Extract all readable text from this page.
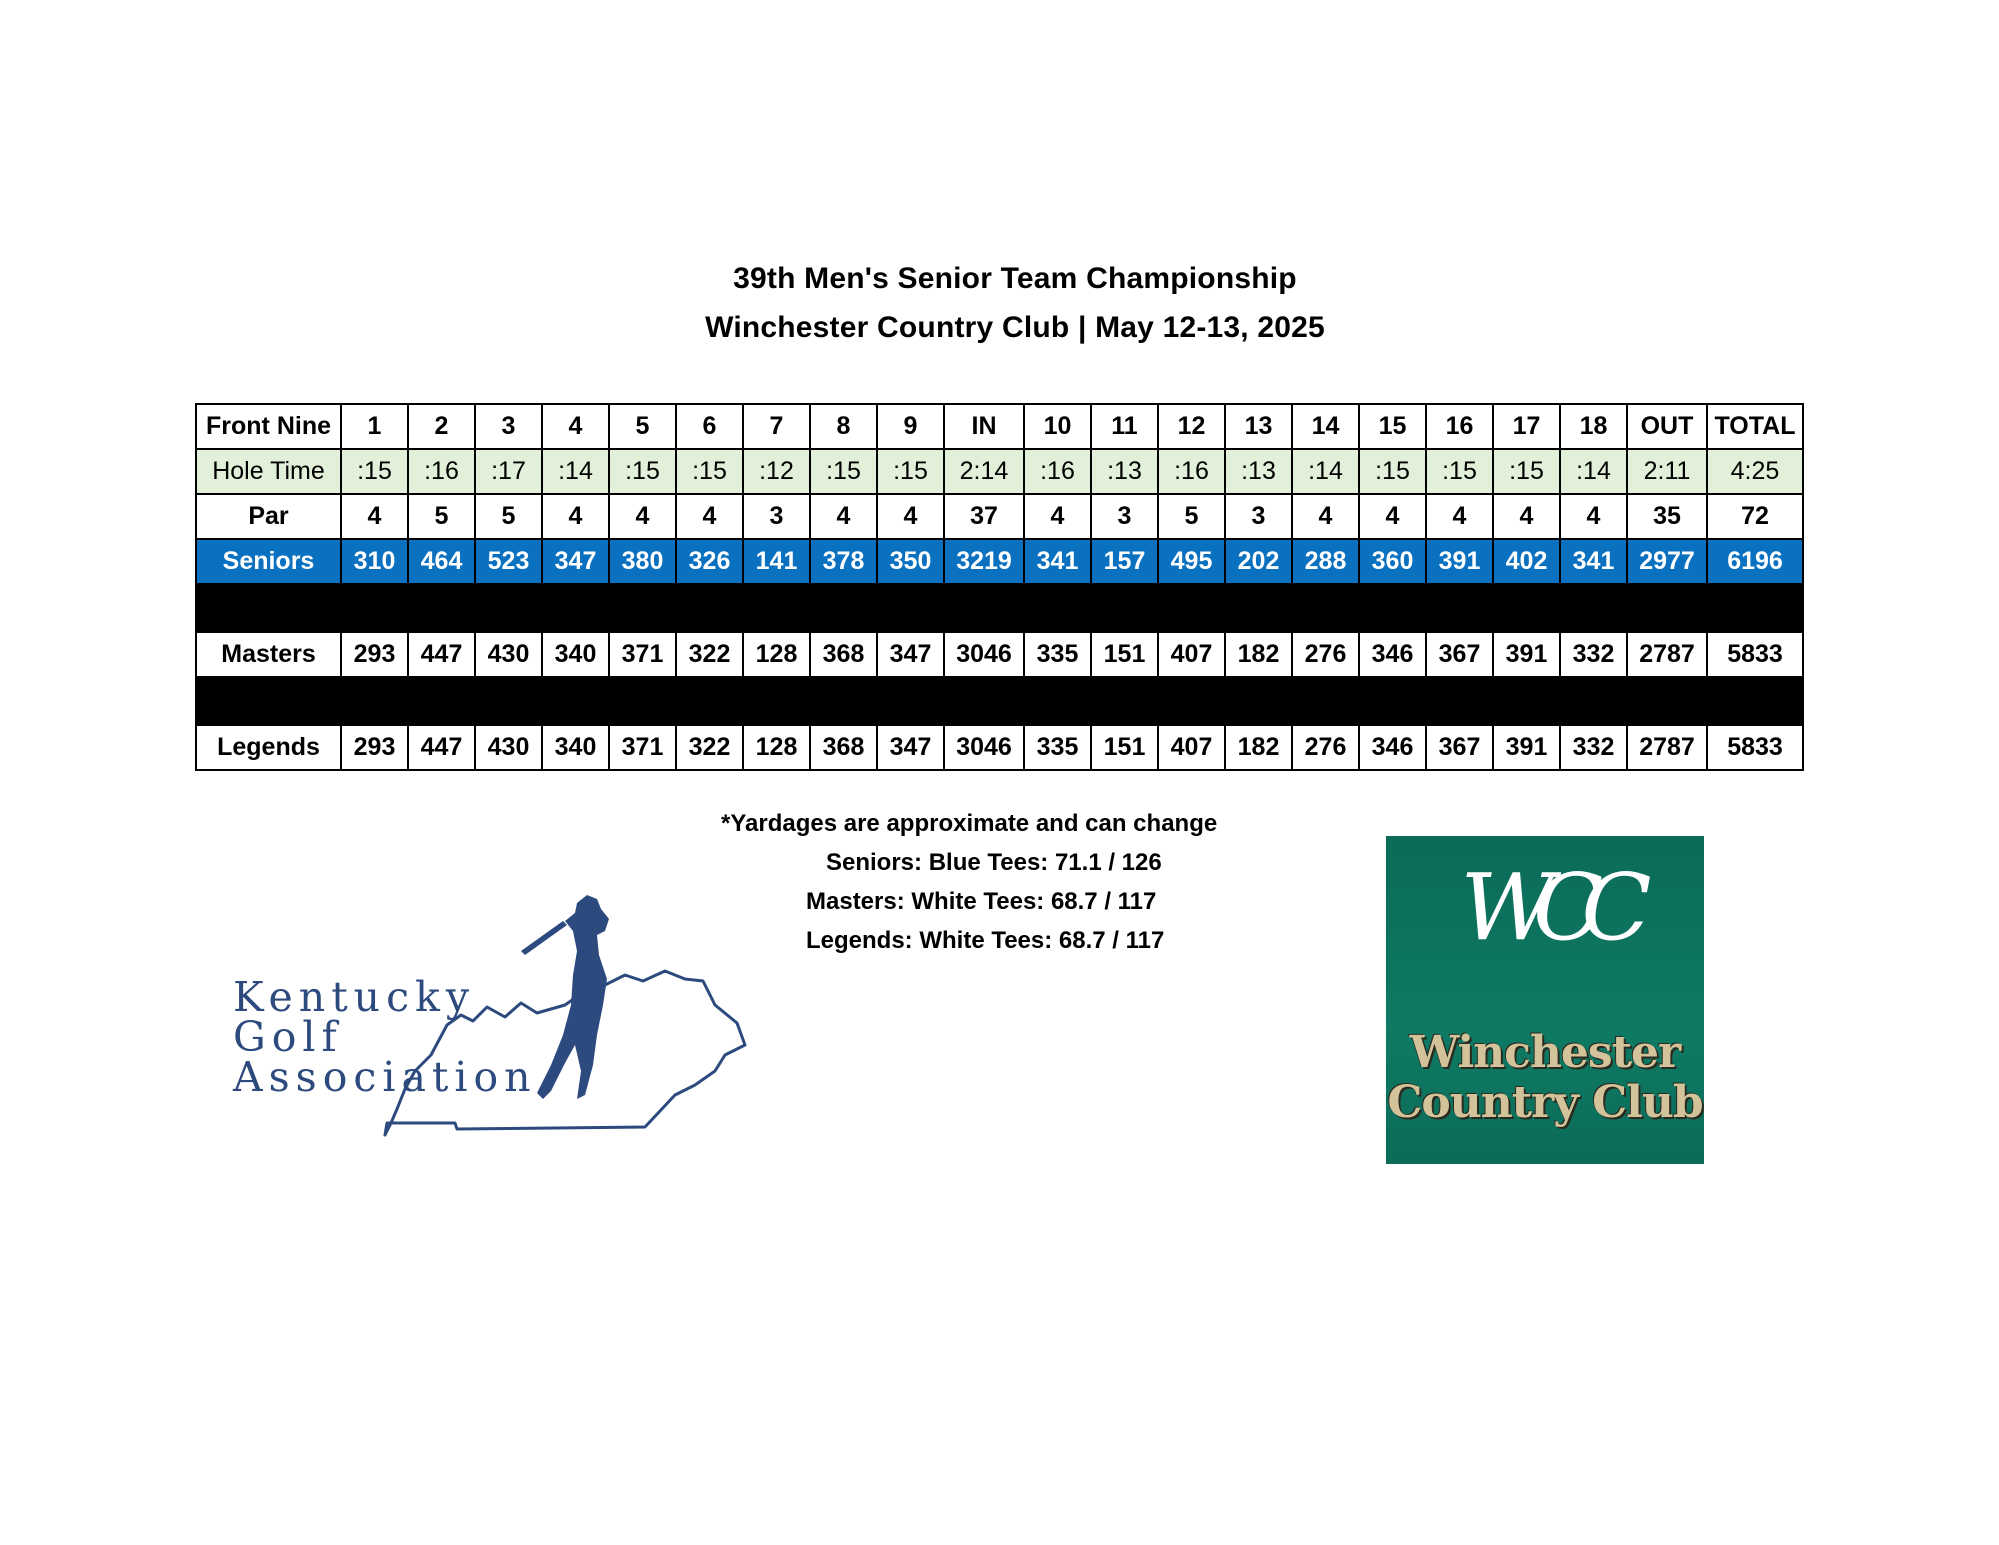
39th Men's Senior Team Championship
Winchester Country Club | May 12-13, 2025
Front Nine	1	2	3	4	5	6	7	8	9	IN	10	11	12	13	14	15	16	17	18	OUT	TOTAL
Hole Time	:15	:16	:17	:14	:15	:15	:12	:15	:15	2:14	:16	:13	:16	:13	:14	:15	:15	:15	:14	2:11	4:25
Par	4	5	5	4	4	4	3	4	4	37	4	3	5	3	4	4	4	4	4	35	72
Seniors	310	464	523	347	380	326	141	378	350	3219	341	157	495	202	288	360	391	402	341	2977	6196

Masters	293	447	430	340	371	322	128	368	347	3046	335	151	407	182	276	346	367	391	332	2787	5833

Legends	293	447	430	340	371	322	128	368	347	3046	335	151	407	182	276	346	367	391	332	2787	5833
*Yardages are approximate and can change
Seniors: Blue Tees: 71.1 / 126
Masters: White Tees: 68.7 / 117
Legends: White Tees: 68.7 / 117
Kentucky
Golf
Association
WCC
Winchester
Country Club
